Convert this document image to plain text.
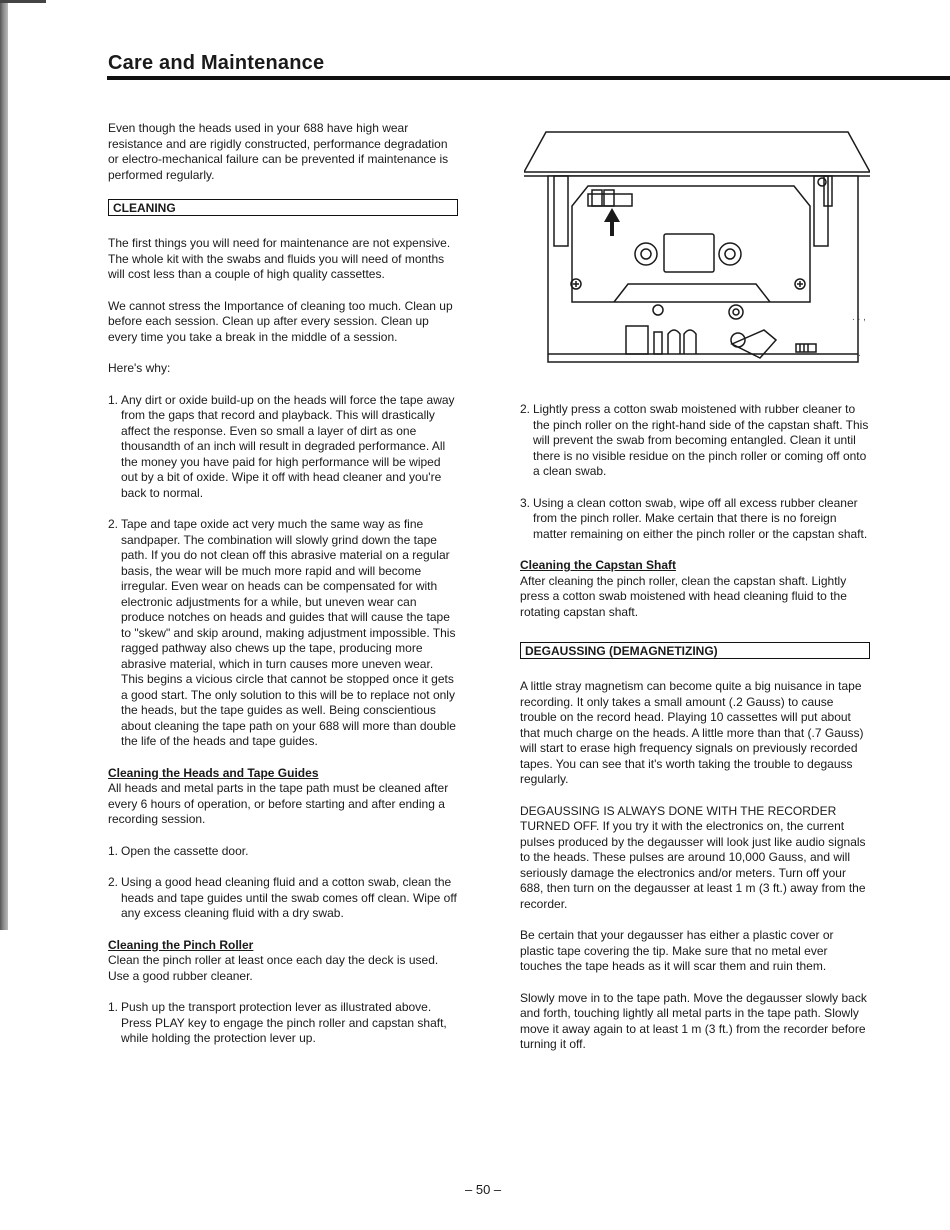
Care and Maintenance

Even though the heads used in your 688 have high wear resistance and are rigidly constructed, performance degradation or electro-mechanical failure can be prevented if maintenance is performed regularly.

CLEANING

The first things you will need for maintenance are not expensive. The whole kit with the swabs and fluids you will need of months will cost less than a couple of high quality cassettes.

We cannot stress the Importance of cleaning too much. Clean up before each session. Clean up after every session. Clean up every time you take a break in the middle of a session.

Here's why:

1. Any dirt or oxide build-up on the heads will force the tape away from the gaps that record and playback. This will drastically affect the response. Even so small a layer of dirt as one thousandth of an inch will result in degraded performance. All the money you have paid for high performance will be wiped out by a bit of oxide. Wipe it off with head cleaner and you're back to normal.
2. Tape and tape oxide act very much the same way as fine sandpaper. The combination will slowly grind down the tape path. If you do not clean off this abrasive material on a regular basis, the wear will be much more rapid and will become irregular. Even wear on heads can be compensated for with electronic adjustments for a while, but uneven wear can produce notches on heads and guides that will cause the tape to "skew" and skip around, making adjustment impossible. This ragged pathway also chews up the tape, producing more abrasive material, which in turn causes more uneven wear. This begins a vicious circle that cannot be stopped once it gets a good start. The only solution to this will be to replace not only the heads, but the tape guides as well. Being conscientious about cleaning the tape path on your 688 will more than double the life of the heads and tape guides.
Cleaning the Heads and Tape Guides

All heads and metal parts in the tape path must be cleaned after every 6 hours of operation, or before starting and after ending a recording session.

1. Open the cassette door.
2. Using a good head cleaning fluid and a cotton swab, clean the heads and tape guides until the swab comes off clean. Wipe off any excess cleaning fluid with a dry swab.
Cleaning the Pinch Roller

Clean the pinch roller at least once each day the deck is used. Use a good rubber cleaner.

1. Push up the transport protection lever as illustrated above. Press PLAY key to engage the pinch roller and capstan shaft, while holding the protection lever up.
. . ,
.
2. Lightly press a cotton swab moistened with rubber cleaner to the pinch roller on the right-hand side of the capstan shaft. This will prevent the swab from becoming entangled. Clean it until there is no visible residue on the pinch roller or coming off onto a clean swab.
3. Using a clean cotton swab, wipe off all excess rubber cleaner from the pinch roller. Make certain that there is no foreign matter remaining on either the pinch roller or the capstan shaft.
Cleaning the Capstan Shaft

After cleaning the pinch roller, clean the capstan shaft. Lightly press a cotton swab moistened with head cleaning fluid to the rotating capstan shaft.

DEGAUSSING (DEMAGNETIZING)

A little stray magnetism can become quite a big nuisance in tape recording. It only takes a small amount (.2 Gauss) to cause trouble on the record head. Playing 10 cassettes will put about that much charge on the heads. A little more than that (.7 Gauss) will start to erase high frequency signals on previously recorded tapes. You can see that it's worth taking the trouble to degauss regularly.

DEGAUSSING IS ALWAYS DONE WITH THE RECORDER TURNED OFF. If you try it with the electronics on, the current pulses produced by the degausser will look just like audio signals to the heads. These pulses are around 10,000 Gauss, and will seriously damage the electronics and/or meters. Turn off your 688, then turn on the degausser at least 1 m (3 ft.) away from the recorder.

Be certain that your degausser has either a plastic cover or plastic tape covering the tip. Make sure that no metal ever touches the tape heads as it will scar them and ruin them.

Slowly move in to the tape path. Move the degausser slowly back and forth, touching lightly all metal parts in the tape path. Slowly move it away again to at least 1 m (3 ft.) from the recorder before turning it off.

– 50 –
